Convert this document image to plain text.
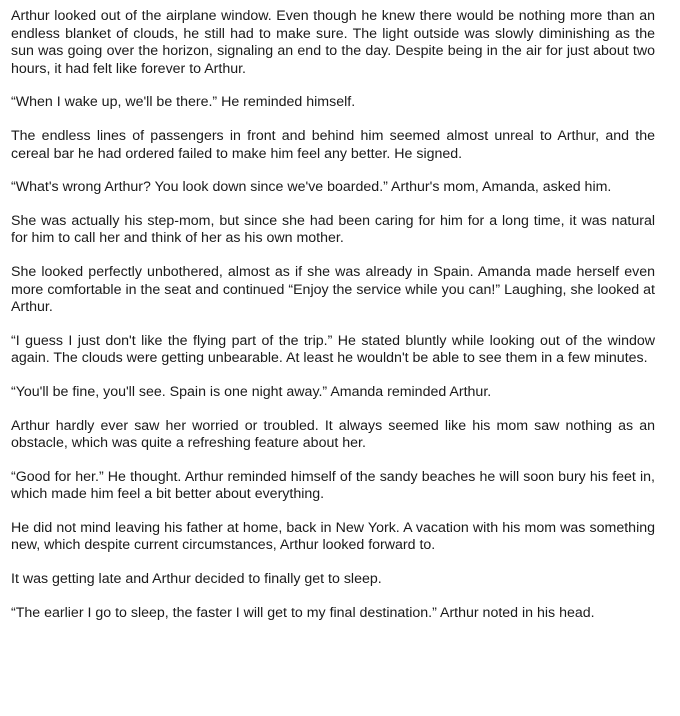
Arthur looked out of the airplane window. Even though he knew there would be nothing more than an endless blanket of clouds, he still had to make sure. The light outside was slowly diminishing as the sun was going over the horizon, signaling an end to the day. Despite being in the air for just about two hours, it had felt like forever to Arthur.

“When I wake up, we'll be there.” He reminded himself.

The endless lines of passengers in front and behind him seemed almost unreal to Arthur, and the cereal bar he had ordered failed to make him feel any better. He signed.

“What's wrong Arthur? You look down since we've boarded.” Arthur's mom, Amanda, asked him.

She was actually his step-mom, but since she had been caring for him for a long time, it was natural for him to call her and think of her as his own mother.

She looked perfectly unbothered, almost as if she was already in Spain. Amanda made herself even more comfortable in the seat and continued “Enjoy the service while you can!” Laughing, she looked at Arthur.

“I guess I just don't like the flying part of the trip.” He stated bluntly while looking out of the window again. The clouds were getting unbearable. At least he wouldn't be able to see them in a few minutes.

“You'll be fine, you'll see. Spain is one night away.” Amanda reminded Arthur.

Arthur hardly ever saw her worried or troubled. It always seemed like his mom saw nothing as an obstacle, which was quite a refreshing feature about her.

“Good for her.” He thought. Arthur reminded himself of the sandy beaches he will soon bury his feet in, which made him feel a bit better about everything.

He did not mind leaving his father at home, back in New York. A vacation with his mom was something new, which despite current circumstances, Arthur looked forward to.

It was getting late and Arthur decided to finally get to sleep.

“The earlier I go to sleep, the faster I will get to my final destination.” Arthur noted in his head.
